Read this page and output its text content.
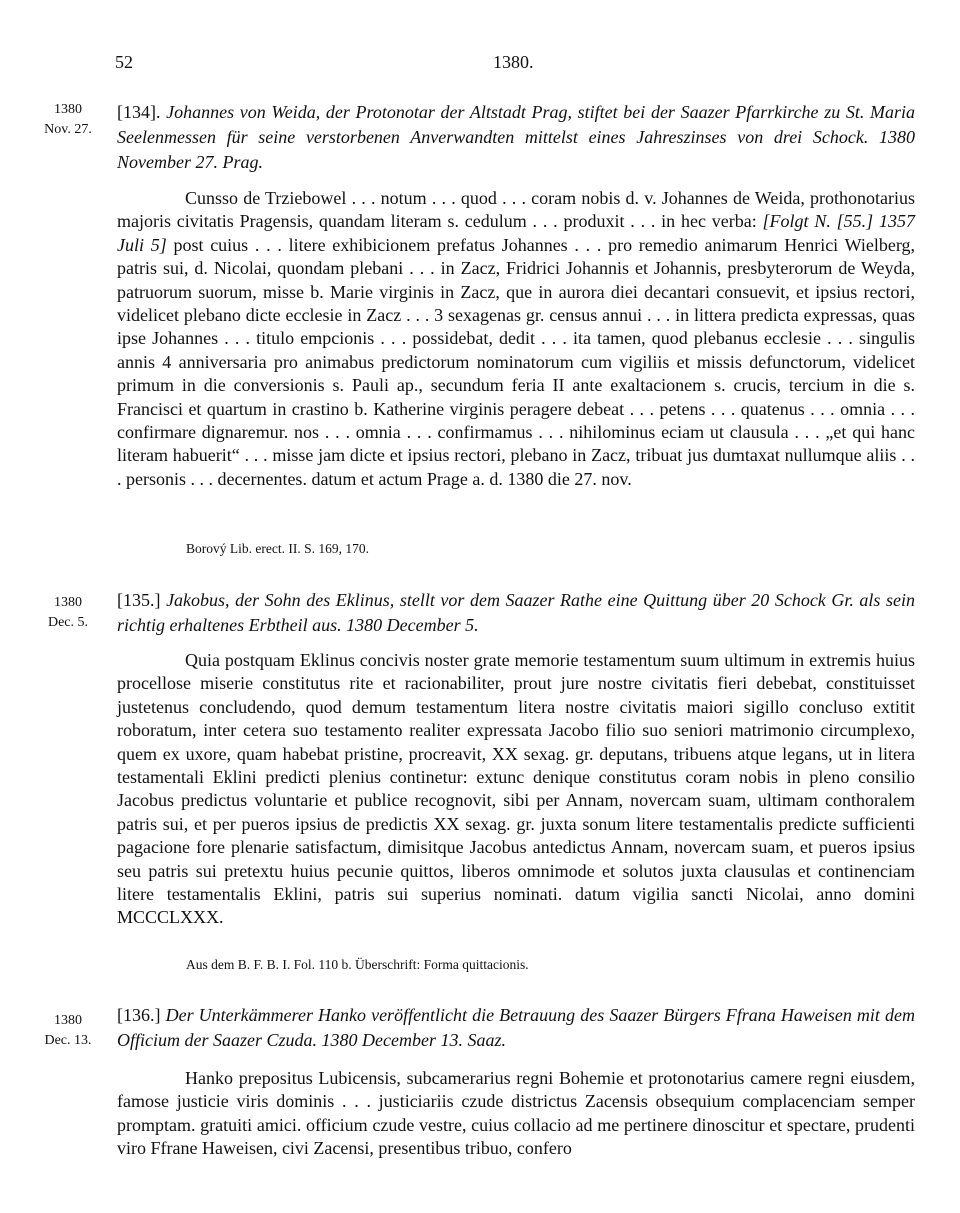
52	1380.
1380
Nov. 27.
[134]. Johannes von Weida, der Protonotar der Altstadt Prag, stiftet bei der Saazer Pfarrkirche zu St. Maria Seelenmessen für seine verstorbenen Anverwandten mittelst eines Jahreszinses von drei Schock. 1380 November 27. Prag.
Cunsso de Trziebowel . . . notum . . . quod . . . coram nobis d. v. Johannes de Weida, prothonotarius majoris civitatis Pragensis, quandam literam s. cedulum . . . produxit . . . in hec verba: [Folgt N. [55.] 1357 Juli 5] post cuius . . . litere exhibicionem prefatus Johannes . . . pro remedio animarum Henrici Wielberg, patris sui, d. Nicolai, quondam plebani . . . in Zacz, Fridrici Johannis et Johannis, presbyterorum de Weyda, patruorum suorum, misse b. Marie virginis in Zacz, que in aurora diei decantari consuevit, et ipsius rectori, videlicet plebano dicte ecclesie in Zacz . . . 3 sexagenas gr. census annui . . . in littera predicta expressas, quas ipse Johannes . . . titulo empcionis . . . possidebat, dedit . . . ita tamen, quod plebanus ecclesie . . . singulis annis 4 anniversaria pro animabus predictorum nominatorum cum vigiliis et missis defunctorum, videlicet primum in die conversionis s. Pauli ap., secundum feria II ante exaltacionem s. crucis, tercium in die s. Francisci et quartum in crastino b. Katherine virginis peragere debeat . . . petens . . . quatenus . . . omnia . . . confirmare dignaremur. nos . . . omnia . . . confirmamus . . . nihilominus eciam ut clausula . . . „et qui hanc literam habuerit“ . . . misse jam dicte et ipsius rectori, plebano in Zacz, tribuat jus dumtaxat nullumque aliis . . . personis . . . decernentes. datum et actum Prage a. d. 1380 die 27. nov.
Borový Lib. erect. II. S. 169, 170.
1380
Dec. 5.
[135.] Jakobus, der Sohn des Eklinus, stellt vor dem Saazer Rathe eine Quittung über 20 Schock Gr. als sein richtig erhaltenes Erbtheil aus. 1380 December 5.
Quia postquam Eklinus concivis noster grate memorie testamentum suum ultimum in extremis huius procellose miserie constitutus rite et racionabiliter, prout jure nostre civitatis fieri debebat, constituisset justetenus concludendo, quod demum testamentum litera nostre civitatis maiori sigillo concluso extitit roboratum, inter cetera suo testamento realiter expressata Jacobo filio suo seniori matrimonio circumplexo, quem ex uxore, quam habebat pristine, procreavit, XX sexag. gr. deputans, tribuens atque legans, ut in litera testamentali Eklini predicti plenius continetur: extunc denique constitutus coram nobis in pleno consilio Jacobus predictus voluntarie et publice recognovit, sibi per Annam, novercam suam, ultimam conthoralem patris sui, et per pueros ipsius de predictis XX sexag. gr. juxta sonum litere testamentalis predicte sufficienti pagacione fore plenarie satisfactum, dimisitque Jacobus antedictus Annam, novercam suam, et pueros ipsius seu patris sui pretextu huius pecunie quittos, liberos omnimode et solutos juxta clausulas et continenciam litere testamentalis Eklini, patris sui superius nominati. datum vigilia sancti Nicolai, anno domini MCCCLXXX.
Aus dem B. F. B. I. Fol. 110 b. Überschrift: Forma quittacionis.
1380
Dec. 13.
[136.] Der Unterkämmerer Hanko veröffentlicht die Betrauung des Saazer Bürgers Ffrana Haweisen mit dem Officium der Saazer Czuda. 1380 December 13. Saaz.
Hanko prepositus Lubicensis, subcamerarius regni Bohemie et protonotarius camere regni eiusdem, famose justicie viris dominis . . . justiciariis czude districtus Zacensis obsequium complacenciam semper promptam. gratuiti amici. officium czude vestre, cuius collacio ad me pertinere dinoscitur et spectare, prudenti viro Ffrane Haweisen, civi Zacensi, presentibus tribuo, confero
